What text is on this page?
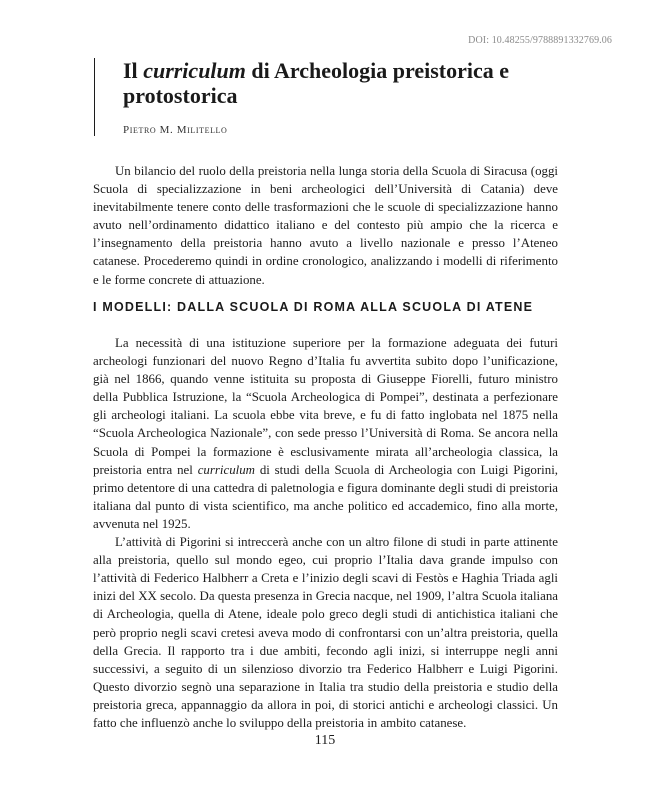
DOI: 10.48255/9788891332769.06
Il curriculum di Archeologia preistorica e protostorica
Pietro M. Militello

Un bilancio del ruolo della preistoria nella lunga storia della Scuola di Siracusa (oggi Scuola di specializzazione in beni archeologici dell’Università di Catania) deve inevitabilmente tenere conto delle trasformazioni che le scuole di specializzazione hanno avuto nell’ordinamento didattico italiano e del contesto più ampio che la ricerca e l’insegnamento della preistoria hanno avuto a livello nazionale e presso l’Ateneo catanese. Procederemo quindi in ordine cronologico, analizzando i modelli di riferimento e le forme concrete di attuazione.

I MODELLI: DALLA SCUOLA DI ROMA ALLA SCUOLA DI ATENE

La necessità di una istituzione superiore per la formazione adeguata dei futuri archeologi funzionari del nuovo Regno d’Italia fu avvertita subito dopo l’unificazione, già nel 1866, quando venne istituita su proposta di Giuseppe Fiorelli, futuro ministro della Pubblica Istruzione, la “Scuola Archeologica di Pompei”, destinata a perfezionare gli archeologi italiani. La scuola ebbe vita breve, e fu di fatto inglobata nel 1875 nella “Scuola Archeologica Nazionale”, con sede presso l’Università di Roma. Se ancora nella Scuola di Pompei la formazione è esclusivamente mirata all’archeologia classica, la preistoria entra nel curriculum di studi della Scuola di Archeologia con Luigi Pigorini, primo detentore di una cattedra di paletnologia e figura dominante degli studi di preistoria italiana dal punto di vista scientifico, ma anche politico ed accademico, fino alla morte, avvenuta nel 1925.

L’attività di Pigorini si intreccerà anche con un altro filone di studi in parte attinente alla preistoria, quello sul mondo egeo, cui proprio l’Italia dava grande impulso con l’attività di Federico Halbherr a Creta e l’inizio degli scavi di Festòs e Haghia Triada agli inizi del XX secolo. Da questa presenza in Grecia nacque, nel 1909, l’altra Scuola italiana di Archeologia, quella di Atene, ideale polo greco degli studi di antichistica italiani che però proprio negli scavi cretesi aveva modo di confrontarsi con un’altra preistoria, quella della Grecia. Il rapporto tra i due ambiti, fecondo agli inizi, si interruppe negli anni successivi, a seguito di un silenzioso divorzio tra Federico Halbherr e Luigi Pigorini. Questo divorzio segnò una separazione in Italia tra studio della preistoria e studio della preistoria greca, appannaggio da allora in poi, di storici antichi e archeologi classici. Un fatto che influenzò anche lo sviluppo della preistoria in ambito catanese.

115
